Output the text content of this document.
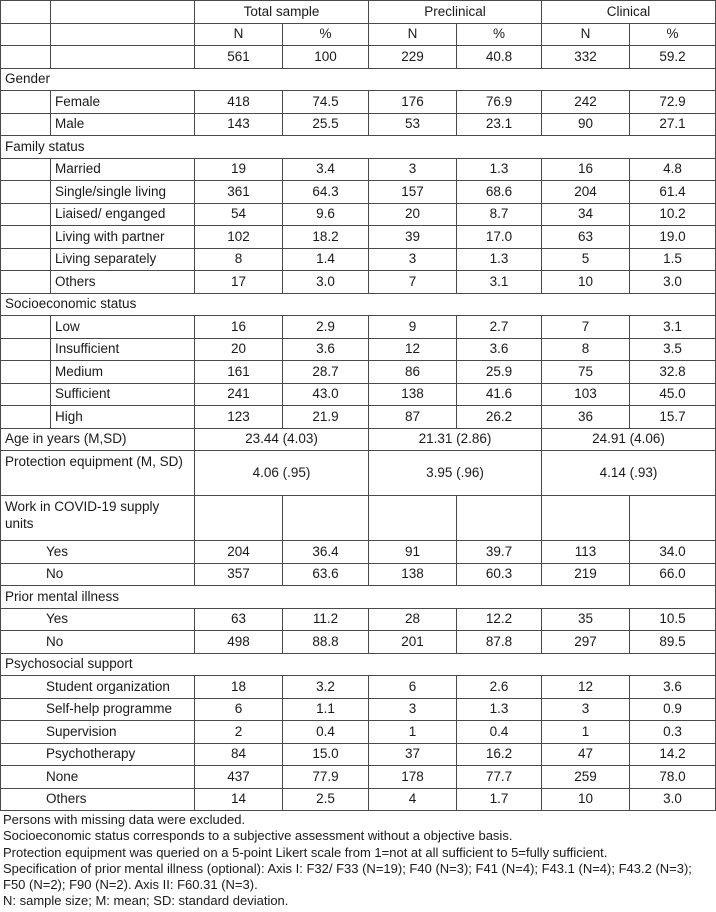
		Total sample		Preclinical		Clinical	
		N	%	N	%	N	%
		561	100	229	40.8	332	59.2
Gender							
	Female	418	74.5	176	76.9	242	72.9
	Male	143	25.5	53	23.1	90	27.1
Family status							
	Married	19	3.4	3	1.3	16	4.8
	Single/single living	361	64.3	157	68.6	204	61.4
	Liaised/ enganged	54	9.6	20	8.7	34	10.2
	Living with partner	102	18.2	39	17.0	63	19.0
	Living separately	8	1.4	3	1.3	5	1.5
	Others	17	3.0	7	3.1	10	3.0
Socioeconomic status							
	Low	16	2.9	9	2.7	7	3.1
	Insufficient	20	3.6	12	3.6	8	3.5
	Medium	161	28.7	86	25.9	75	32.8
	Sufficient	241	43.0	138	41.6	103	45.0
	High	123	21.9	87	26.2	36	15.7
Age in years (M,SD)		23.44 (4.03)		21.31 (2.86)		24.91 (4.06)	
Protection equipment (M, SD)		4.06 (.95)		3.95 (.96)		4.14 (.93)	
Work in COVID-19 supply units							
Yes		204	36.4	91	39.7	113	34.0
No		357	63.6	138	60.3	219	66.0
Prior mental illness							
Yes		63	11.2	28	12.2	35	10.5
No		498	88.8	201	87.8	297	89.5
Psychosocial support							
Student organization		18	3.2	6	2.6	12	3.6
Self-help programme		6	1.1	3	1.3	3	0.9
Supervision		2	0.4	1	0.4	1	0.3
Psychotherapy		84	15.0	37	16.2	47	14.2
None		437	77.9	178	77.7	259	78.0
Others		14	2.5	4	1.7	10	3.0
Persons with missing data were excluded.
Socioeconomic status corresponds to a subjective assessment without a objective basis.
Protection equipment was queried on a 5-point Likert scale from 1=not at all sufficient to 5=fully sufficient.
Specification of prior mental illness (optional): Axis I: F32/ F33 (N=19); F40 (N=3); F41 (N=4); F43.1 (N=4); F43.2 (N=3); F50 (N=2); F90 (N=2). Axis II: F60.31 (N=3).
N: sample size; M: mean; SD: standard deviation.
